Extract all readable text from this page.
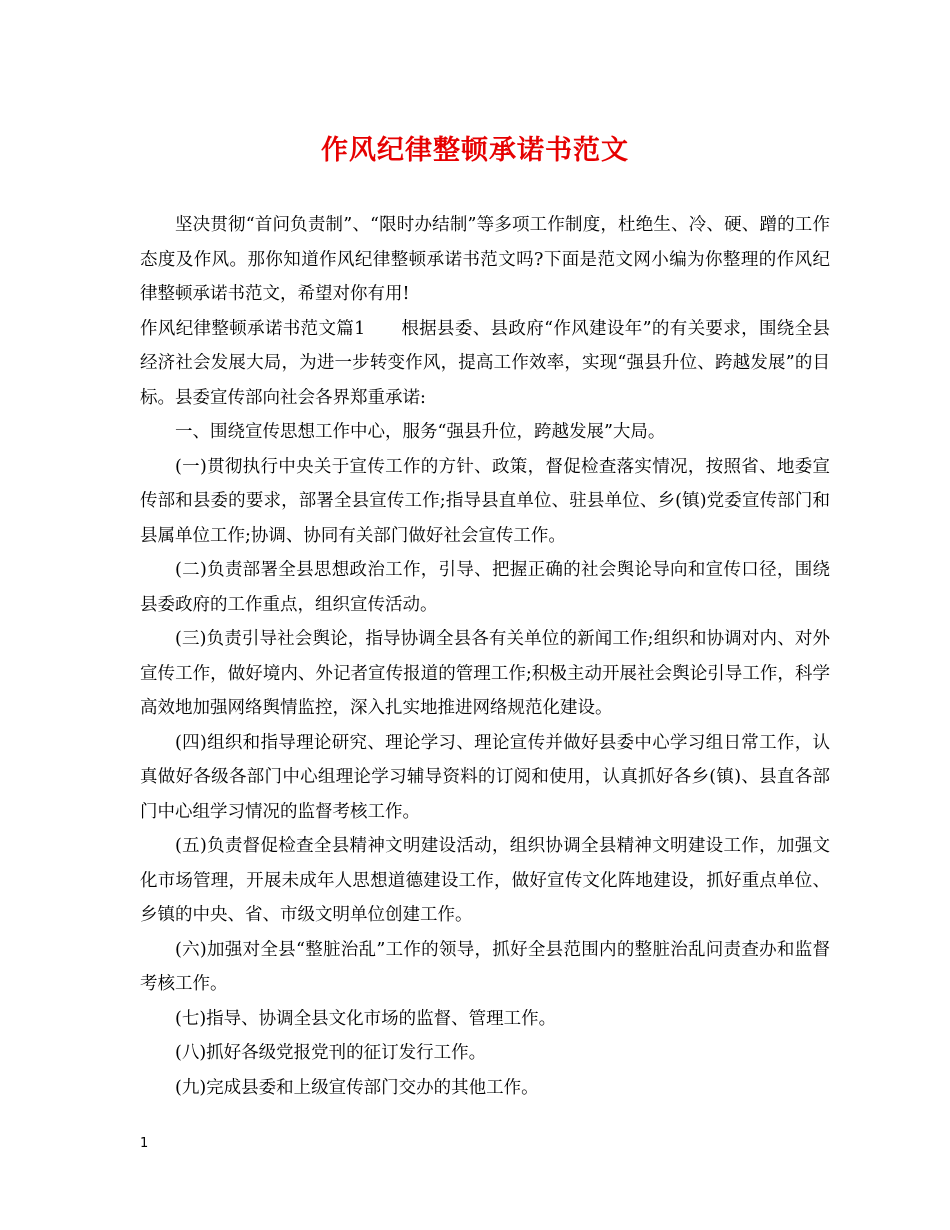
作风纪律整顿承诺书范文

坚决贯彻“首问负责制”、“限时办结制”等多项工作制度，杜绝生、冷、硬、蹭的工作态度及作风。那你知道作风纪律整顿承诺书范文吗?下面是范文网小编为你整理的作风纪律整顿承诺书范文，希望对你有用!

作风纪律整顿承诺书范文篇1　　根据县委、县政府“作风建设年”的有关要求，围绕全县经济社会发展大局，为进一步转变作风，提高工作效率，实现“强县升位、跨越发展”的目标。县委宣传部向社会各界郑重承诺:

一、围绕宣传思想工作中心，服务“强县升位，跨越发展”大局。

(一)贯彻执行中央关于宣传工作的方针、政策，督促检查落实情况，按照省、地委宣传部和县委的要求，部署全县宣传工作;指导县直单位、驻县单位、乡(镇)党委宣传部门和县属单位工作;协调、协同有关部门做好社会宣传工作。

(二)负责部署全县思想政治工作，引导、把握正确的社会舆论导向和宣传口径，围绕县委政府的工作重点，组织宣传活动。

(三)负责引导社会舆论，指导协调全县各有关单位的新闻工作;组织和协调对内、对外宣传工作，做好境内、外记者宣传报道的管理工作;积极主动开展社会舆论引导工作，科学高效地加强网络舆情监控，深入扎实地推进网络规范化建设。

(四)组织和指导理论研究、理论学习、理论宣传并做好县委中心学习组日常工作，认真做好各级各部门中心组理论学习辅导资料的订阅和使用，认真抓好各乡(镇)、县直各部门中心组学习情况的监督考核工作。

(五)负责督促检查全县精神文明建设活动，组织协调全县精神文明建设工作，加强文化市场管理，开展未成年人思想道德建设工作，做好宣传文化阵地建设，抓好重点单位、乡镇的中央、省、市级文明单位创建工作。

(六)加强对全县“整脏治乱”工作的领导，抓好全县范围内的整脏治乱问责查办和监督考核工作。

(七)指导、协调全县文化市场的监督、管理工作。

(八)抓好各级党报党刊的征订发行工作。

(九)完成县委和上级宣传部门交办的其他工作。

1
